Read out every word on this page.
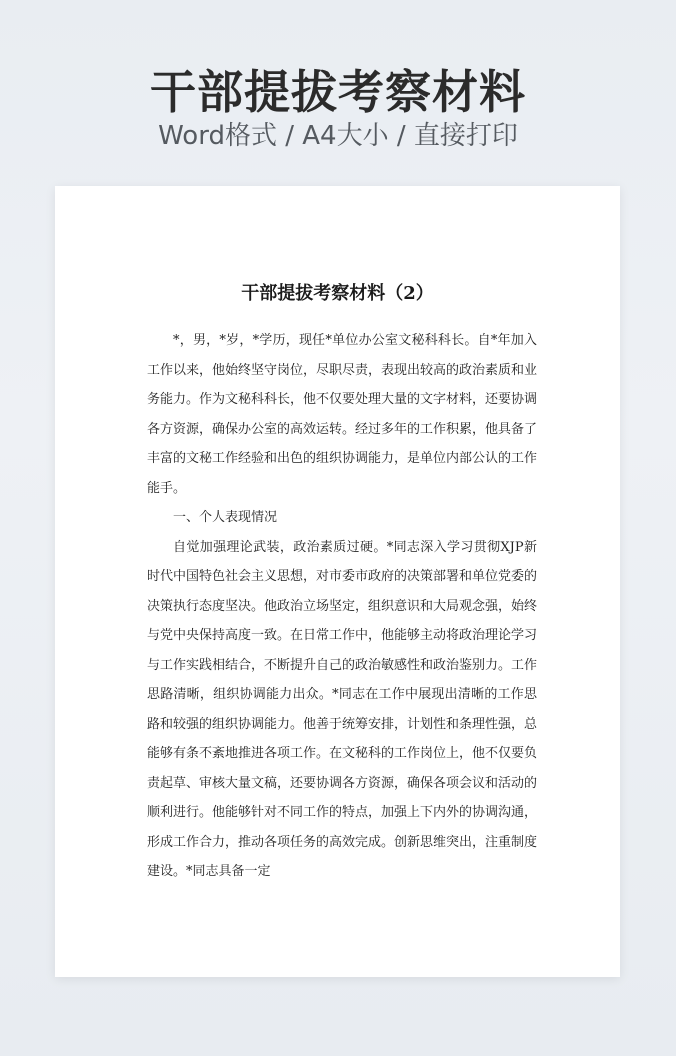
干部提拔考察材料
Word格式 / A4大小 / 直接打印
干部提拔考察材料（2）

*，男，*岁，*学历，现任*单位办公室文秘科科长。自*年加入工作以来，他始终坚守岗位，尽职尽责，表现出较高的政治素质和业务能力。作为文秘科科长，他不仅要处理大量的文字材料，还要协调各方资源，确保办公室的高效运转。经过多年的工作积累，他具备了丰富的文秘工作经验和出色的组织协调能力，是单位内部公认的工作能手。

一、个人表现情况

自觉加强理论武装，政治素质过硬。*同志深入学习贯彻XJP新时代中国特色社会主义思想，对市委市政府的决策部署和单位党委的决策执行态度坚决。他政治立场坚定，组织意识和大局观念强，始终与党中央保持高度一致。在日常工作中，他能够主动将政治理论学习与工作实践相结合，不断提升自己的政治敏感性和政治鉴别力。工作思路清晰，组织协调能力出众。*同志在工作中展现出清晰的工作思路和较强的组织协调能力。他善于统筹安排，计划性和条理性强，总能够有条不紊地推进各项工作。在文秘科的工作岗位上，他不仅要负责起草、审核大量文稿，还要协调各方资源，确保各项会议和活动的顺利进行。他能够针对不同工作的特点，加强上下内外的协调沟通，形成工作合力，推动各项任务的高效完成。创新思维突出，注重制度建设。*同志具备一定
